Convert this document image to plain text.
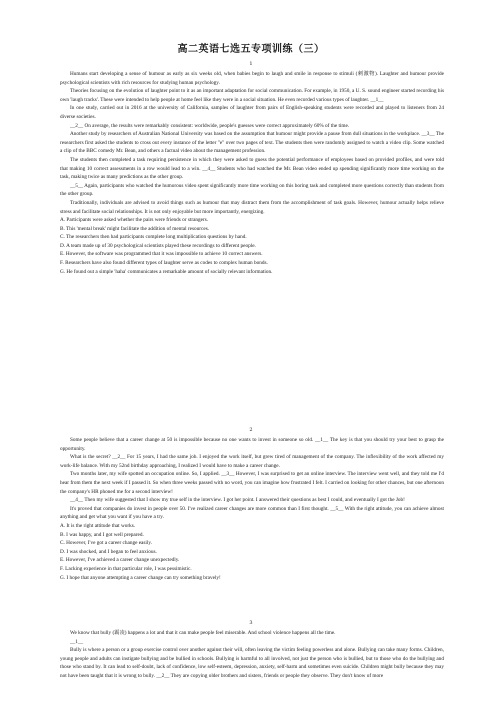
高二英语七选五专项训练（三）
1

Humans start developing a sense of humour as early as six weeks old, when babies begin to laugh and smile in response to stimuli (刺激物). Laughter and humour provide psychological scientists with rich resources for studying human psychology.

Theories focusing on the evolution of laughter point to it as an important adaptation for social communication. For example, in 1950, a U. S. sound engineer started recording his own 'laugh tracks'. These were intended to help people at home feel like they were in a social situation. He even recorded various types of laughter. __1__

In one study, carried out in 2016 at the university of California, samples of laughter from pairs of English-speaking students were recorded and played to listeners from 24 diverse societies.

__2__ On average, the results were remarkably consistent: worldwide, people's guesses were correct approximately 60% of the time.

Another study by researchers of Australian National University was based on the assumption that humour might provide a pause from dull situations in the workplace. __3__ The researchers first asked the students to cross out every instance of the letter "e" over two pages of text. The students then were randomly assigned to watch a video clip. Some watched a clip of the BBC comedy Mr. Bean, and others a factual video about the management profession.

The students then completed a task requiring persistence in which they were asked to guess the potential performance of employees based on provided profiles, and were told that making 10 correct assessments in a row would lead to a win. __4__ Students who had watched the Mr. Bean video ended up spending significantly more time working on the task, making twice as many predictions as the other group.

__5__ Again, participants who watched the humorous video spent significantly more time working on this boring task and completed more questions correctly than students from the other group.

Traditionally, individuals are advised to avoid things such as humour that may distract them from the accomplishment of task goals. However, humour actually helps relieve stress and facilitate social relationships. It is not only enjoyable but more importantly, energizing.

A. Participants were asked whether the pairs were friends or strangers.

B. This 'mental break' might facilitate the addition of mental resources.

C. The researchers then had participants complete long multiplication questions by hand.

D. A team made up of 30 psychological scientists played these recordings to different people.

E. However, the software was programmed that it was impossible to achieve 10 correct answers.

F. Researchers have also found different types of laughter serve as codes to complex human bonds.

G. He found out a simple 'haha' communicates a remarkable amount of socially relevant information.

2

Some people believe that a career change at 50 is impossible because no one wants to invest in someone so old. __1__ The key is that you should try your best to grasp the opportunity.

What is the secret? __2__ For 15 years, I had the same job. I enjoyed the work itself, but grew tired of management of the company. The inflexibility of the work affected my work-life balance. With my 52nd birthday approaching, I realized I would have to make a career change.

Two months later, my wife spotted an occupation online. So, I applied. __3__ However, I was surprised to get an online interview. The interview went well, and they told me I'd hear from them the next week if I passed it. So when three weeks passed with no word, you can imagine how frustrated I felt. I carried on looking for other chances, but one afternoon the company's HR phoned me for a second interview!

__4__ Then my wife suggested that I show my true self in the interview. I got her point. I answered their questions as best I could, and eventually I got the Job!

It's proved that companies do invest in people over 50. I've realized career changes are more common than I first thought. __5__ With the right attitude, you can achieve almost anything and get what you want if you have a try.

A. It is the right attitude that works.

B. I was happy, and I got well prepared.

C. However, I've got a career change easily.

D. I was shocked, and I began to feel anxious.

E. However, I've achieved a career change unexpectedly.

F. Lacking experience in that particular role, I was pessimistic.

G. I hope that anyone attempting a career change can try something bravely!

3

We know that bully (霸凌) happens a lot and that it can make people feel miserable. And school violence happens all the time.

__1__

Bully is where a person or a group exercise control over another against their will, often leaving the victim feeling powerless and alone. Bullying can take many forms. Children, young people and adults can instigate bullying and be bullied in schools. Bullying is harmful to all involved, not just the person who is bullied, but to those who do the bullying and those who stand by. It can lead to self-doubt, lack of confidence, low self-esteem, depression, anxiety, self-harm and sometimes even suicide. Children might bully because they may not have been taught that it is wrong to bully. __2__ They are copying older brothers and sisters, friends or people they observe. They don't know of more
